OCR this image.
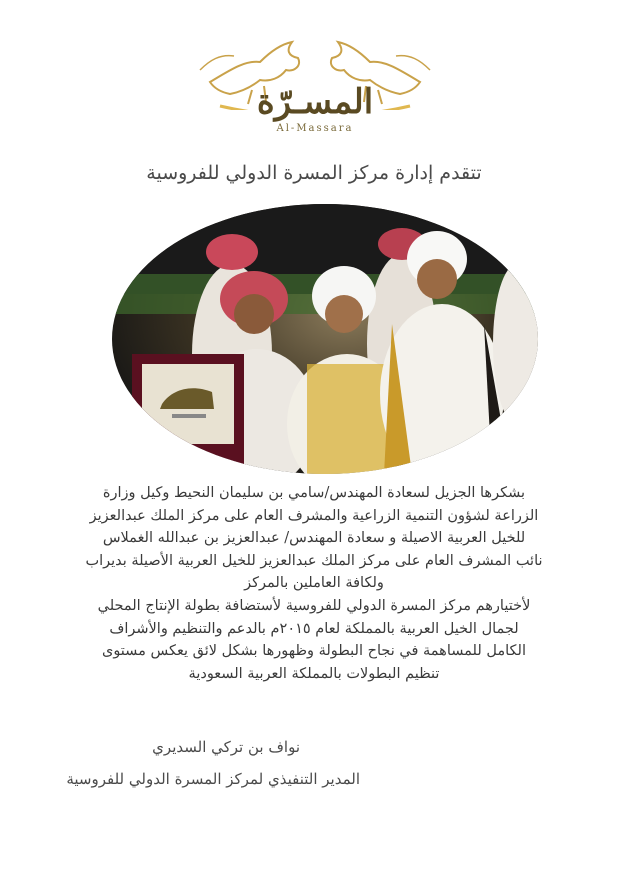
المسـرّة
Al-Massara
تتقدم إدارة مركز المسرة الدولي للفروسية
بشكرها الجزيل لسعادة المهندس/سامي بن سليمان النحيط وكيل وزارة
الزراعة لشؤون التنمية الزراعية والمشرف العام على مركز الملك عبدالعزيز
للخيل العربية الاصيلة و سعادة المهندس/ عبدالعزيز بن عبدالله الغملاس
نائب المشرف العام على مركز الملك عبدالعزيز للخيل العربية الأصيلة بديراب
ولكافة العاملين بالمركز
لأختيارهم مركز المسرة الدولي للفروسية لأستضافة بطولة الإنتاج المحلي
لجمال الخيل العربية بالمملكة لعام ٢٠١٥م بالدعم والتنظيم والأشراف
الكامل للمساهمة في نجاح البطولة وظهورها بشكل لائق يعكس مستوى
تنظيم البطولات بالمملكة العربية السعودية
نواف بن تركي السديري
المدير التنفيذي لمركز المسرة الدولي للفروسية
